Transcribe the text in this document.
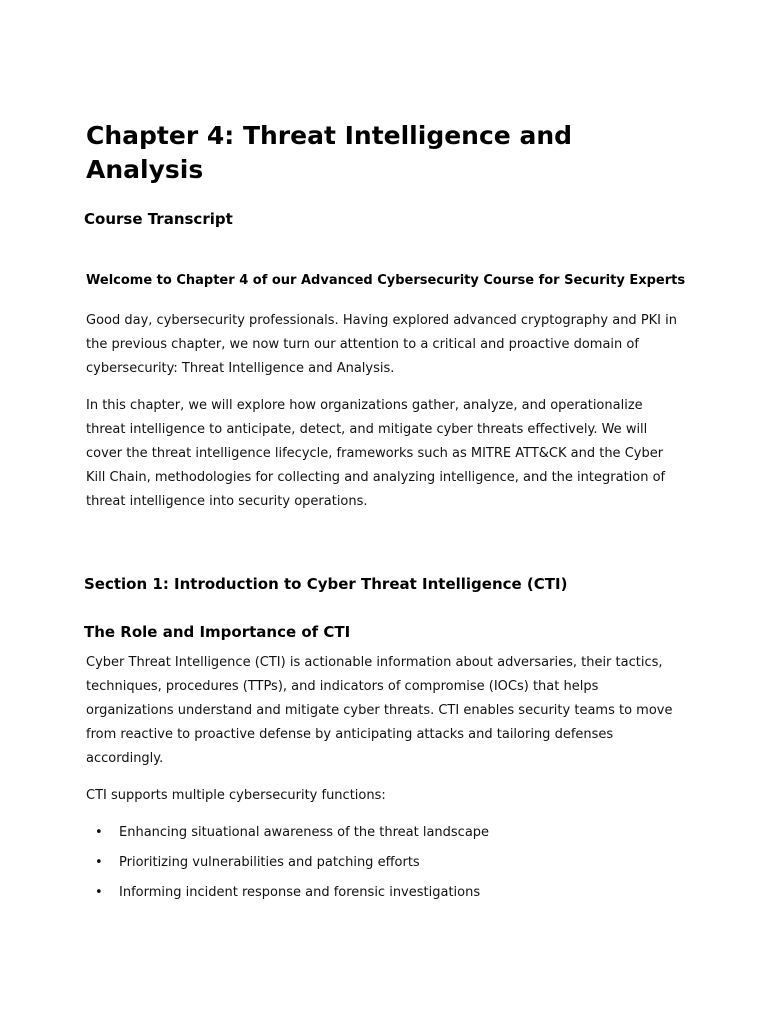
Chapter 4: Threat Intelligence and Analysis
Course Transcript

Welcome to Chapter 4 of our Advanced Cybersecurity Course for Security Experts

Good day, cybersecurity professionals. Having explored advanced cryptography and PKI in the previous chapter, we now turn our attention to a critical and proactive domain of cybersecurity: Threat Intelligence and Analysis.

In this chapter, we will explore how organizations gather, analyze, and operationalize threat intelligence to anticipate, detect, and mitigate cyber threats effectively. We will cover the threat intelligence lifecycle, frameworks such as MITRE ATT&CK and the Cyber Kill Chain, methodologies for collecting and analyzing intelligence, and the integration of threat intelligence into security operations.

Section 1: Introduction to Cyber Threat Intelligence (CTI)
The Role and Importance of CTI

Cyber Threat Intelligence (CTI) is actionable information about adversaries, their tactics, techniques, procedures (TTPs), and indicators of compromise (IOCs) that helps organizations understand and mitigate cyber threats. CTI enables security teams to move from reactive to proactive defense by anticipating attacks and tailoring defenses accordingly.

CTI supports multiple cybersecurity functions:

• Enhancing situational awareness of the threat landscape
• Prioritizing vulnerabilities and patching efforts
• Informing incident response and forensic investigations
